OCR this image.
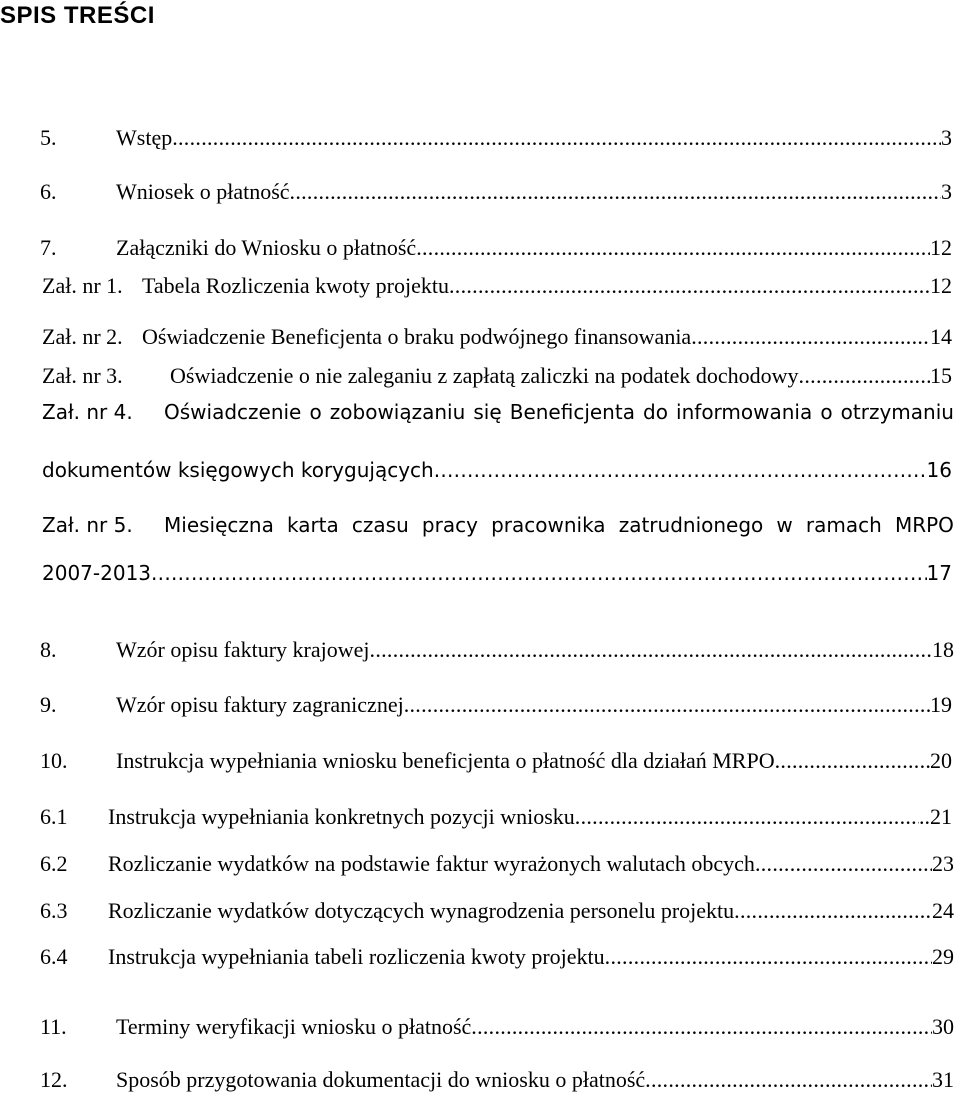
SPIS TREŚCI
5.	Wstęp .....	3
6.	Wniosek o płatność .....	3
7.	Załączniki do Wniosku o płatność .....	12
Zał. nr 1. Tabela Rozliczenia kwoty projektu .....	12
Zał. nr 2. Oświadczenie Beneficjenta o braku podwójnego finansowania .....	14
Zał. nr 3.	Oświadczenie o nie zaleganiu z zapłatą zaliczki na podatek dochodowy .....	15
Zał. nr 4.	Oświadczenie o zobowiązaniu się Beneficjenta do informowania o otrzymaniu
dokumentów księgowych korygujących .....	16
Zał. nr 5.	Miesięczna karta czasu pracy pracownika zatrudnionego w ramach MRPO
2007-2013 .....	17
8.	Wzór opisu faktury krajowej .....	18
9.	Wzór opisu faktury zagranicznej .....	19
10.	Instrukcja wypełniania wniosku beneficjenta o płatność dla działań MRPO .....	20
6.1	Instrukcja wypełniania konkretnych pozycji wniosku .....	..21
6.2	Rozliczanie wydatków na podstawie faktur wyrażonych walutach obcych .....	23
6.3	Rozliczanie wydatków dotyczących wynagrodzenia personelu projektu .....	24
6.4	Instrukcja wypełniania tabeli rozliczenia kwoty projektu .....	29
11.	Terminy weryfikacji wniosku o płatność .....	30
12.	Sposób przygotowania dokumentacji do wniosku o płatność .....	31
